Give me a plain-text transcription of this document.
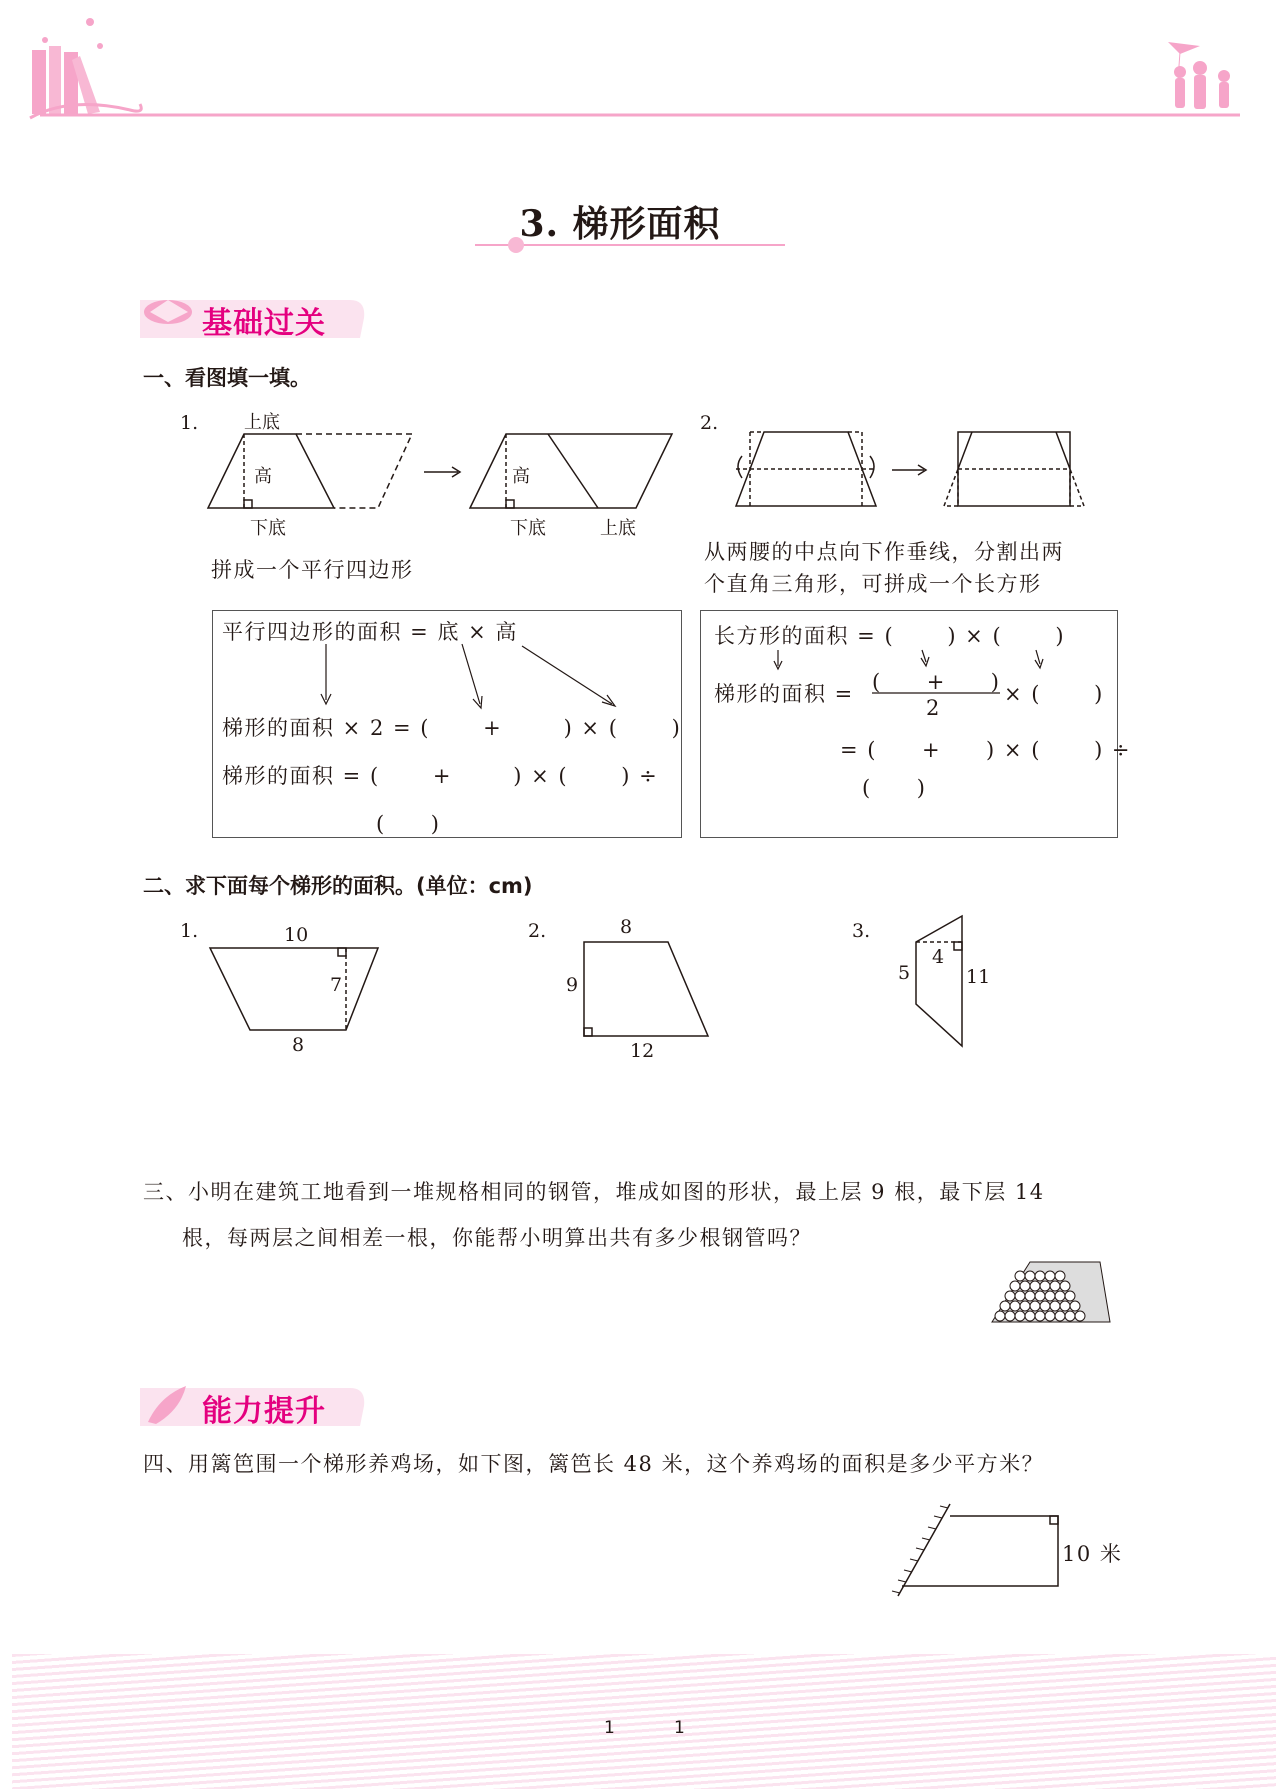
3. 梯形面积
基础过关
一、看图填一填。
1.	上底
高
下底
高
下底	上底
拼成一个平行四边形
2.
从两腰的中点向下作垂线，分割出两
个直角三角形，可拼成一个长方形
平行四边形的面积 = 底 × 高
梯形的面积 × 2 = (　　 + 　　 ) × (　　 )
梯形的面积 = (　　 + 　　 ) × (　　 ) ÷
(　　)
长方形的面积 = (　　 ) × (　　 )
梯形的面积 = (　　+　　)
2
× (　　 )
= (　　+　　) × (　　 ) ÷
(　　)
二、求下面每个梯形的面积。(单位：cm)
1.	10
7
8
2.	8
9
12
3.
4
5	11
三、小明在建筑工地看到一堆规格相同的钢管，堆成如图的形状，最上层 9 根，最下层 14
根，每两层之间相差一根，你能帮小明算出共有多少根钢管吗？
能力提升
四、用篱笆围一个梯形养鸡场，如下图，篱笆长 48 米，这个养鸡场的面积是多少平方米？
10 米
1	1
